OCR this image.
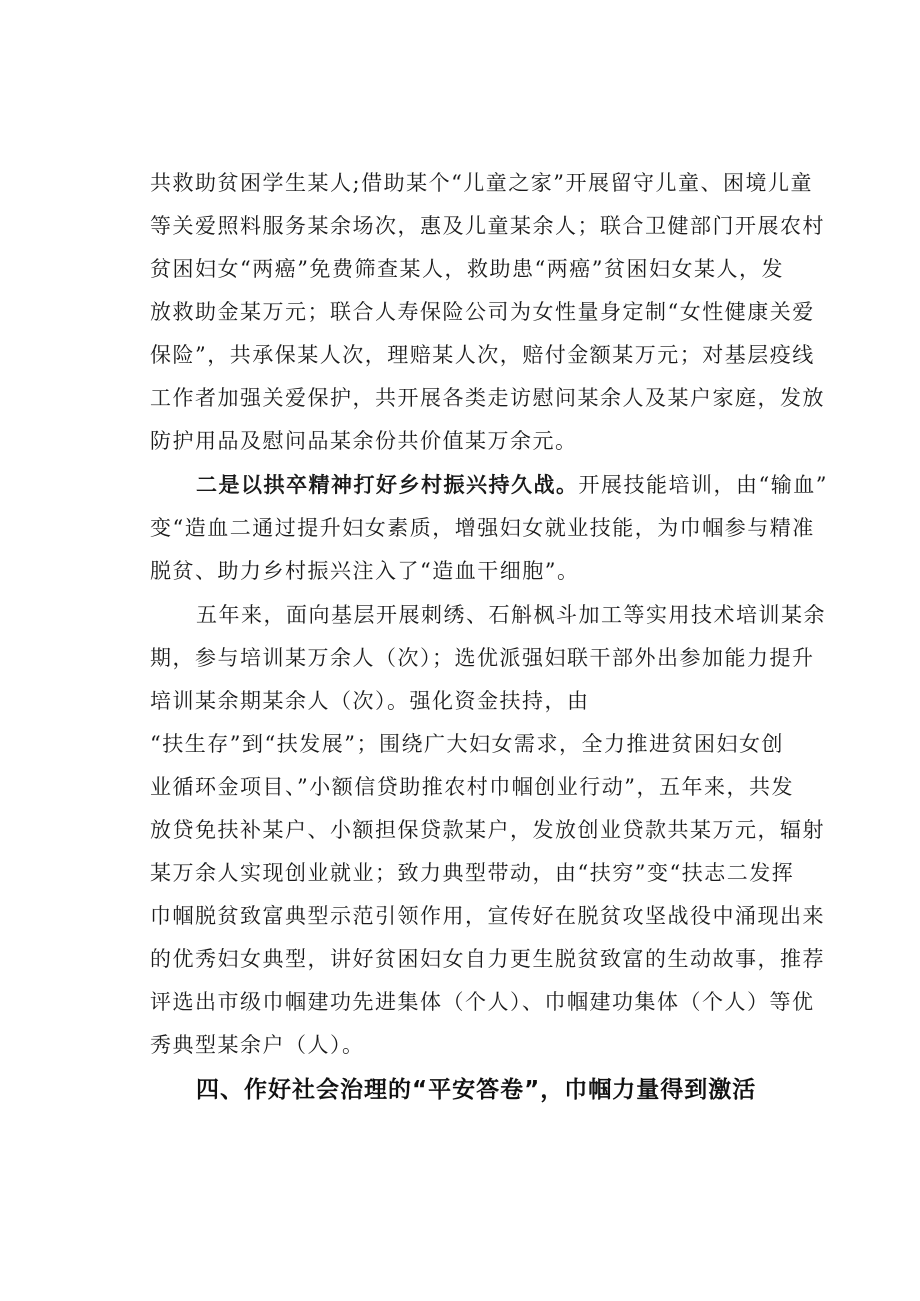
共救助贫困学生某人;借助某个“儿童之家”开展留守儿童、困境儿童
等关爱照料服务某余场次，惠及儿童某余人；联合卫健部门开展农村
贫困妇女“两癌”免费筛查某人，救助患“两癌”贫困妇女某人，发
放救助金某万元；联合人寿保险公司为女性量身定制“女性健康关爱
保险”，共承保某人次，理赔某人次，赔付金额某万元；对基层疫线
工作者加强关爱保护，共开展各类走访慰问某余人及某户家庭，发放
防护用品及慰问品某余份共价值某万余元。
二是以拱卒精神打好乡村振兴持久战。开展技能培训，由“输血”
变“造血二通过提升妇女素质，增强妇女就业技能，为巾帼参与精准
脱贫、助力乡村振兴注入了“造血干细胞”。
五年来，面向基层开展刺绣、石斛枫斗加工等实用技术培训某余
期，参与培训某万余人（次）；选优派强妇联干部外出参加能力提升
培训某余期某余人（次）。强化资金扶持，由
“扶生存”到“扶发展”；围绕广大妇女需求，全力推进贫困妇女创
业循环金项目、”小额信贷助推农村巾帼创业行动”，五年来，共发
放贷免扶补某户、小额担保贷款某户，发放创业贷款共某万元，辐射
某万余人实现创业就业；致力典型带动，由“扶穷”变“扶志二发挥
巾帼脱贫致富典型示范引领作用，宣传好在脱贫攻坚战役中涌现出来
的优秀妇女典型，讲好贫困妇女自力更生脱贫致富的生动故事，推荐
评选出市级巾帼建功先进集体（个人）、巾帼建功集体（个人）等优
秀典型某余户（人）。
四、作好社会治理的“平安答卷”，巾帼力量得到激活
